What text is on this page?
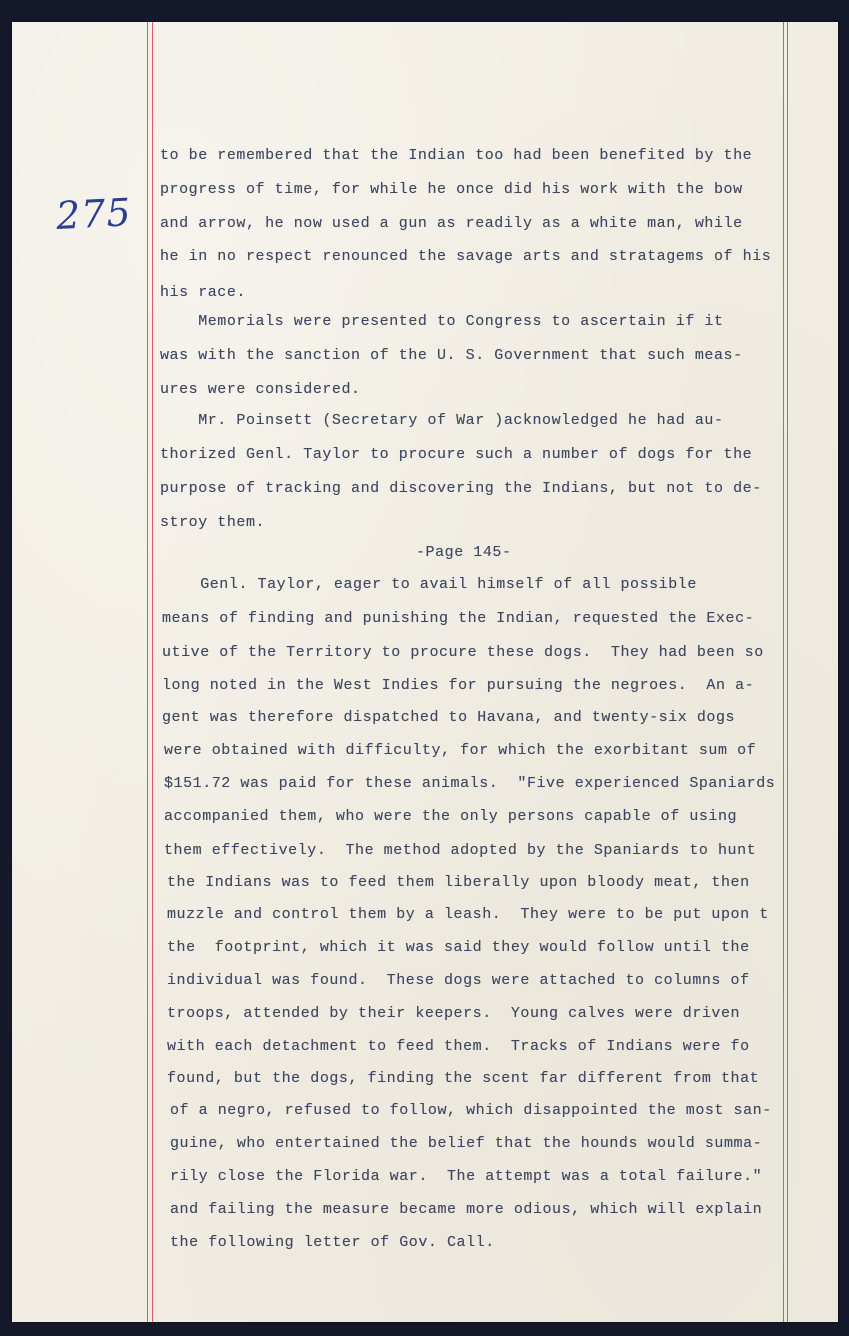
275
to be remembered that the Indian too had been benefited by the
progress of time, for while he once did his work with the bow
and arrow, he now used a gun as readily as a white man, while
he in no respect renounced the savage arts and stratagems of his
his race.
Memorials were presented to Congress to ascertain if it
was with the sanction of the U. S. Government that such meas-
ures were considered.
Mr. Poinsett (Secretary of War )acknowledged he had au-
thorized Genl. Taylor to procure such a number of dogs for the
purpose of tracking and discovering the Indians, but not to de-
stroy them.
-Page 145-
Genl. Taylor, eager to avail himself of all possible
means of finding and punishing the Indian, requested the Exec-
utive of the Territory to procure these dogs.  They had been so
long noted in the West Indies for pursuing the negroes.  An a-
gent was therefore dispatched to Havana, and twenty-six dogs
were obtained with difficulty, for which the exorbitant sum of
$151.72 was paid for these animals.  "Five experienced Spaniards
accompanied them, who were the only persons capable of using
them effectively.  The method adopted by the Spaniards to hunt
the Indians was to feed them liberally upon bloody meat, then
muzzle and control them by a leash.  They were to be put upon t
the  footprint, which it was said they would follow until the
individual was found.  These dogs were attached to columns of
troops, attended by their keepers.  Young calves were driven
with each detachment to feed them.  Tracks of Indians were fo
found, but the dogs, finding the scent far different from that
of a negro, refused to follow, which disappointed the most san-
guine, who entertained the belief that the hounds would summa-
rily close the Florida war.  The attempt was a total failure."
and failing the measure became more odious, which will explain
the following letter of Gov. Call.
